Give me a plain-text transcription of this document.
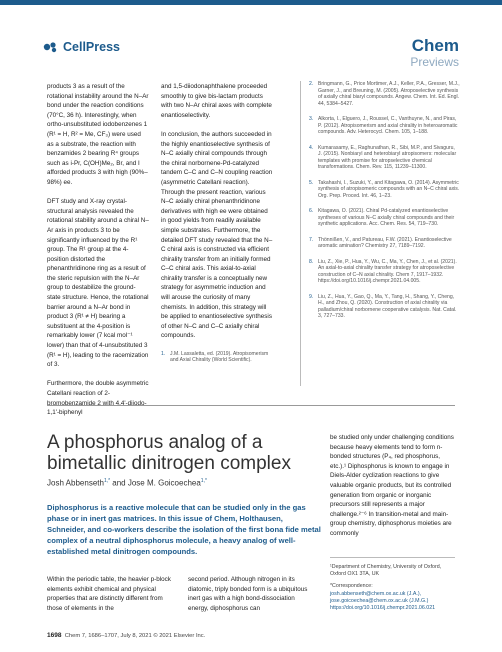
CellPress	Chem
Previews

products 3 as a result of the rotational instability around the N–Ar bond under the reaction conditions (70°C, 36 h). Interestingly, when ortho-unsubstituted iodobenzenes 1 (R¹ = H, R² = Me, CF₃) were used as a substrate, the reaction with benzamides 2 bearing R⁴ groups such as i-Pr, C(OH)Me₂, Br, and I afforded products 3 with high (90%–98%) ee.

DFT study and X-ray crystal-structural analysis revealed the rotational stability around a chiral N–Ar axis in products 3 to be significantly influenced by the R¹ group. The R¹ group at the 4-position distorted the phenanthridinone ring as a result of the steric repulsion with the N–Ar group to destabilize the ground-state structure. Hence, the rotational barrier around a N–Ar bond in product 3 (R¹ ≠ H) bearing a substituent at the 4-position is remarkably lower (7 kcal mol⁻¹ lower) than that of 4-unsubstituted 3 (R¹ = H), leading to the racemization of 3.

Furthermore, the double asymmetric Catellani reaction of 2-bromobenzamide 2 with 4,4'-diiodo-1,1'-biphenyl

and 1,5-diiodonaphthalene proceeded smoothly to give bis-lactam products with two N–Ar chiral axes with complete enantioselectivity.

In conclusion, the authors succeeded in the highly enantioselective synthesis of N–C axially chiral compounds through the chiral norbornene-Pd-catalyzed tandem C–C and C–N coupling reaction (asymmetric Catellani reaction). Through the present reaction, various N–C axially chiral phenanthridinone derivatives with high ee were obtained in good yields from readily available simple substrates. Furthermore, the detailed DFT study revealed that the N–C chiral axis is constructed via efficient chirality transfer from an initially formed C–C chiral axis. This axial-to-axial chirality transfer is a conceptually new strategy for asymmetric induction and will arouse the curiosity of many chemists. In addition, this strategy will be applied to enantioselective synthesis of other N–C and C–C axially chiral compounds.

1. J.M. Lassaletta, ed. (2019). Atropisomerism and Axial Chirality (World Scientific).
2. Bringmann, G., Price Mortimer, A.J., Keller, P.A., Gresser, M.J., Garner, J., and Breuning, M. (2005). Atroposelective synthesis of axially chiral biaryl compounds. Angew. Chem. Int. Ed. Engl. 44, 5384–5427.
3. Alkorta, I., Elguero, J., Roussel, C., Vanthuyne, N., and Piras, P. (2012). Atropisomerism and axial chirality in heteroaromatic compounds. Adv. Heterocycl. Chem. 105, 1–188.
4. Kumarasamy, E., Raghunathan, R., Sibi, M.P., and Sivaguru, J. (2015). Nonbiaryl and heterobiaryl atropisomers: molecular templates with promise for atropselective chemical transformations. Chem. Rev. 115, 11239–11300.
5. Takahashi, I., Suzuki, Y., and Kitagawa, O. (2014). Asymmetric synthesis of atropisomeric compounds with an N–C chiral axis. Org. Prep. Proced. Int. 46, 1–23.
6. Kitagawa, O. (2021). Chiral Pd-catalyzed enantioselective syntheses of various N–C axially chiral compounds and their synthetic applications. Acc. Chem. Res. 54, 719–730.
7. Thönnißen, V., and Patureau, F.W. (2021). Enantioselective aromatic amination? Chemistry 27, 7189–7192.
8. Liu, Z., Xie, P., Hua, Y., Wu, C., Ma, Y., Chen, J., et al. (2021). An axial-to-axial chirality transfer strategy for atroposelective construction of C–N axial chirality. Chem 7, 1917–1932. https://doi.org/10.1016/j.chempr.2021.04.005.
9. Liu, Z., Hua, Y., Gao, Q., Ma, Y., Tang, H., Shang, Y., Cheng, H., and Zhou, Q. (2020). Construction of axial chirality via palladium/chiral norbornene cooperative catalysis. Nat. Catal. 3, 727–733.
A phosphorus analog of a bimetallic dinitrogen complex
Josh Abbenseth$^{1,*}$ and Jose M. Goicoechea$^{1,*}$
Diphosphorus is a reactive molecule that can be studied only in the gas phase or in inert gas matrices. In this issue of Chem, Holthausen, Schneider, and co-workers describe the isolation of the first bona fide metal complex of a neutral diphosphorus molecule, a heavy analog of well-established metal dinitrogen compounds.
be studied only under challenging conditions because heavy elements tend to form n-bonded structures (P₄, red phosphorus, etc.).¹ Diphosphorus is known to engage in Diels-Alder cyclization reactions to give valuable organic products, but its controlled generation from organic or inorganic precursors still represents a major challenge.²⁻⁶ In transition-metal and main-group chemistry, diphosphorus moieties are commonly

¹Department of Chemistry, University of Oxford, Oxford OX1 3TA, UK

*Correspondence:
josh.abbenseth@chem.ox.ac.uk (J.A.),
jose.goicoechea@chem.ox.ac.uk (J.M.G.)
https://doi.org/10.1016/j.chempr.2021.06.021
Within the periodic table, the heavier p-block elements exhibit chemical and physical properties that are distinctly different from those of elements in the
second period. Although nitrogen in its diatomic, triply bonded form is a ubiquitous inert gas with a high bond-dissociation energy, diphosphorus can
1698 Chem 7, 1686–1707, July 8, 2021 © 2021 Elsevier Inc.
